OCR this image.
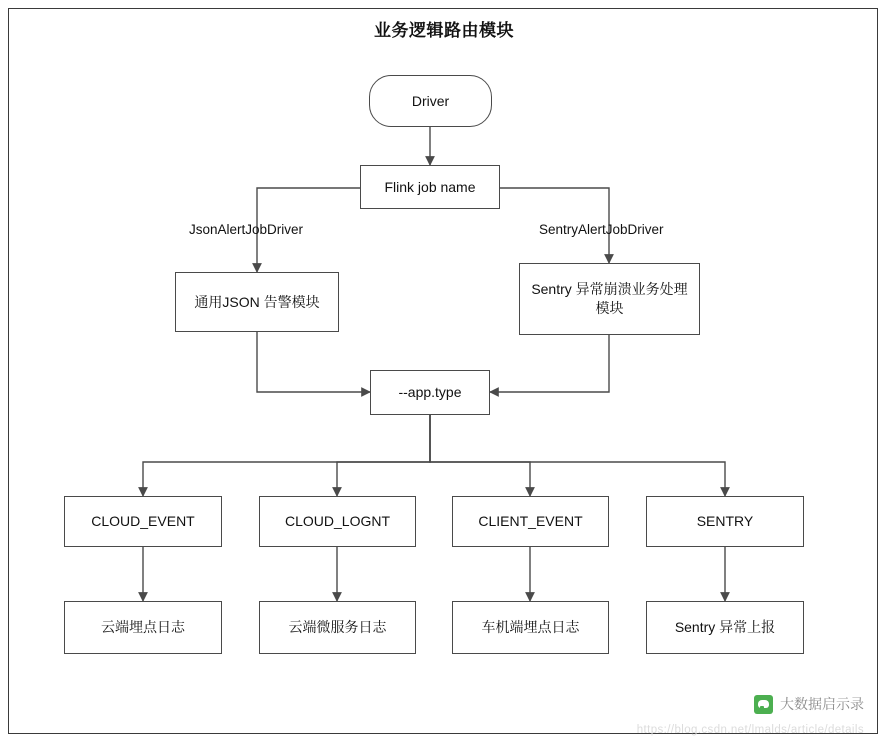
业务逻辑路由模块
Driver
Flink job name
JsonAlertJobDriver	SentryAlertJobDriver
通用JSON 告警模块
Sentry 异常崩溃业务处理模块
--app.type
CLOUD_EVENT	CLOUD_LOGNT	CLIENT_EVENT	SENTRY
云端埋点日志	云端微服务日志	车机端埋点日志	Sentry 异常上报
大数据启示录
https://blog.csdn.net/lmalds/article/details
